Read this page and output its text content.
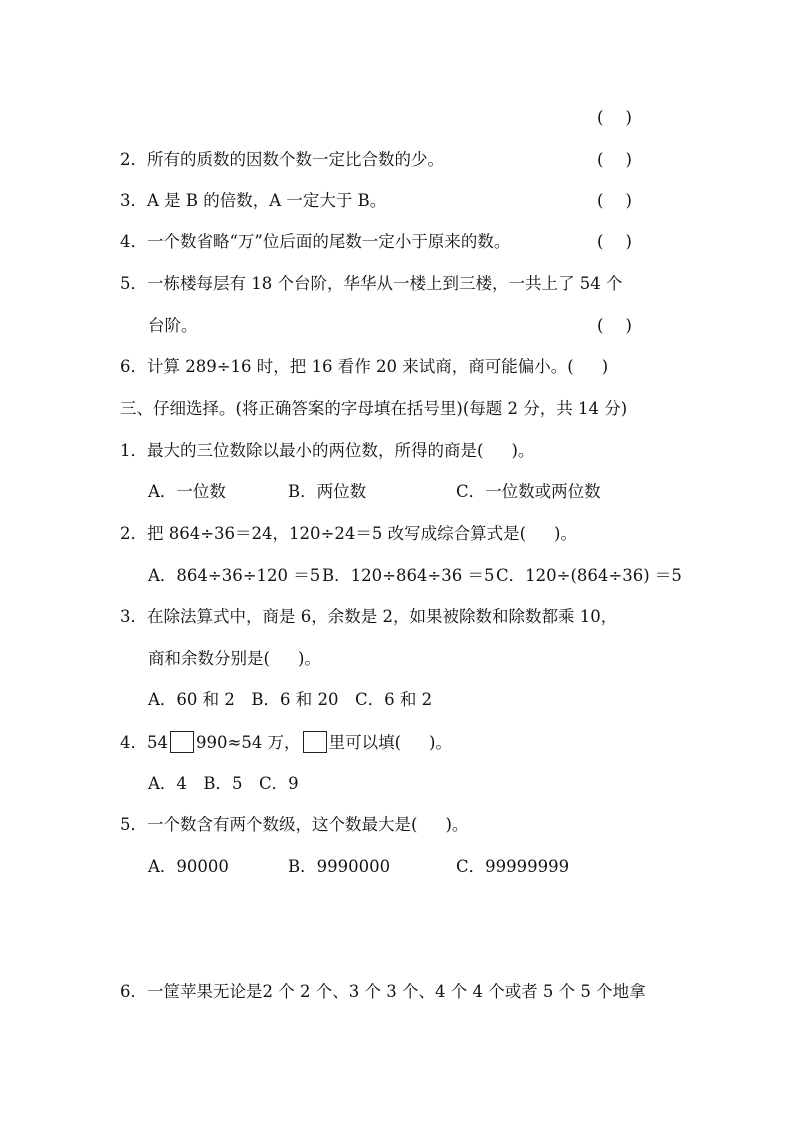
( )
2．所有的质数的因数个数一定比合数的少。	( )
3．A 是 B 的倍数，A 一定大于 B。	( )
4．一个数省略“万”位后面的尾数一定小于原来的数。	( )
5．一栋楼每层有 18 个台阶，华华从一楼上到三楼，一共上了 54 个
台阶。	( )
6．计算 289÷16 时，把 16 看作 20 来试商，商可能偏小。( )
三、仔细选择。(将正确答案的字母填在括号里)(每题 2 分，共 14 分)
1．最大的三位数除以最小的两位数，所得的商是( )。
A．一位数	B．两位数	C．一位数或两位数
2．把 864÷36＝24，120÷24＝5 改写成综合算式是( )。
A．864÷36÷120 ＝5 B．120÷864÷36 ＝5 C．120÷(864÷36) ＝5
3．在除法算式中，商是 6，余数是 2，如果被除数和除数都乘 10，
商和余数分别是( )。
A．60 和 2　B．6 和 20　C．6 和 2
4．54 990≈54 万， 里可以填( )。
A．4　B．5　C．9
5．一个数含有两个数级，这个数最大是( )。
A．90000	B．9990000	C．99999999
6．一筐苹果无论是2 个 2 个、3 个 3 个、4 个 4 个或者 5 个 5 个地拿
